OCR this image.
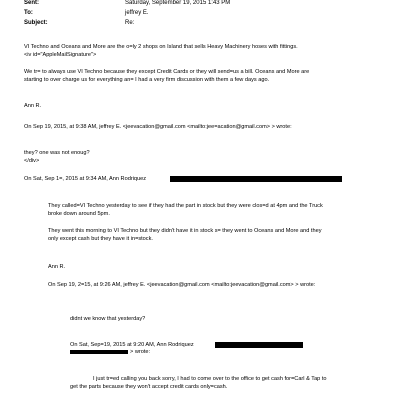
Sent:	Saturday, September 19, 2015 1:43 PM
To:	jeffrey E.
Subject:	Re:
VI Techno and Oceans and More are the o=ly 2 shops on Island that sells Heavy Machinery hoses with fittings.
<iv id="AppleMailSignature">
We tr= to always use VI Techno because they except Credit Cards or they will send=us a bill. Oceans and More are
starting to over charge us for everything an= I had a very firm discussion with them a few days ago.
Ann R.
On Sep 19, 2015, at 9:38 AM, jeffrey E. <jeevacation@gmail.com <mailto:jee=acation@gmail.com> > wrote:
they? one was not enoug?
</div>
On Sat, Sep 1=, 2015 at 9:34 AM, Ann Rodriquez
They called=VI Techno yesterday to see if they had the part in stock but they were clos=d at 4pm and the Truck
broke down around 5pm.
They went this morning to VI Techno but they didn't have it in stock s= they went to Oceans and More and they
only except cash but they have it in=stock.
Ann R.
On Sep 19, 2=15, at 9:26 AM, jeffrey E. <jeevacation@gmail.com <mailto:jeevacation@gmail.com> > wrote:
didnt we know that yesterday?
On Sat, Sep=19, 2015 at 9:20 AM, Ann Rodriquez
> wrote:
I just tr=ed calling you back sorry, I had to come over to the office to get cash for=Carl & Tap to
get the parts because they won't accept credit cards only=cash.
